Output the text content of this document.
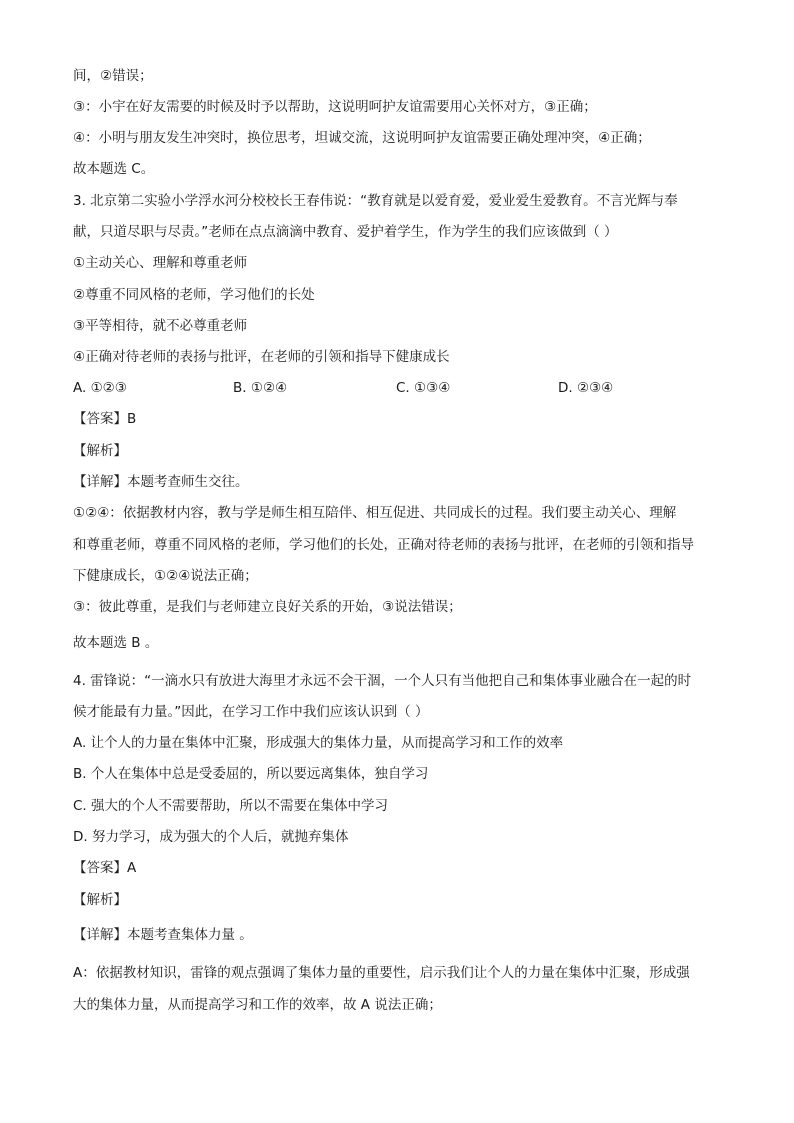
间，②错误；
③：小宇在好友需要的时候及时予以帮助，这说明呵护友谊需要用心关怀对方，③正确；
④：小明与朋友发生冲突时，换位思考，坦诚交流，这说明呵护友谊需要正确处理冲突，④正确；
故本题选 C。
3. 北京第二实验小学浮水河分校校长王春伟说：“教育就是以爱育爱，爱业爱生爱教育。不言光辉与奉
献，只道尽职与尽责。”老师在点点滴滴中教育、爱护着学生，作为学生的我们应该做到（ ）
①主动关心、理解和尊重老师
②尊重不同风格的老师，学习他们的长处
③平等相待，就不必尊重老师
④正确对待老师的表扬与批评，在老师的引领和指导下健康成长
A. ①②③	B. ①②④	C. ①③④	D. ②③④
【答案】B
【解析】
【详解】本题考查师生交往。
①②④：依据教材内容，教与学是师生相互陪伴、相互促进、共同成长的过程。我们要主动关心、理解
和尊重老师，尊重不同风格的老师，学习他们的长处，正确对待老师的表扬与批评，在老师的引领和指导
下健康成长，①②④说法正确；
③：彼此尊重，是我们与老师建立良好关系的开始，③说法错误；
故本题选 B 。
4. 雷锋说：“一滴水只有放进大海里才永远不会干涸，一个人只有当他把自己和集体事业融合在一起的时
候才能最有力量。”因此，在学习工作中我们应该认识到（ ）
A. 让个人的力量在集体中汇聚，形成强大的集体力量，从而提高学习和工作的效率
B. 个人在集体中总是受委屈的，所以要远离集体，独自学习
C. 强大的个人不需要帮助，所以不需要在集体中学习
D. 努力学习，成为强大的个人后，就抛弃集体
【答案】A
【解析】
【详解】本题考查集体力量 。
A：依据教材知识，雷锋的观点强调了集体力量的重要性，启示我们让个人的力量在集体中汇聚，形成强
大的集体力量，从而提高学习和工作的效率，故 A 说法正确；
